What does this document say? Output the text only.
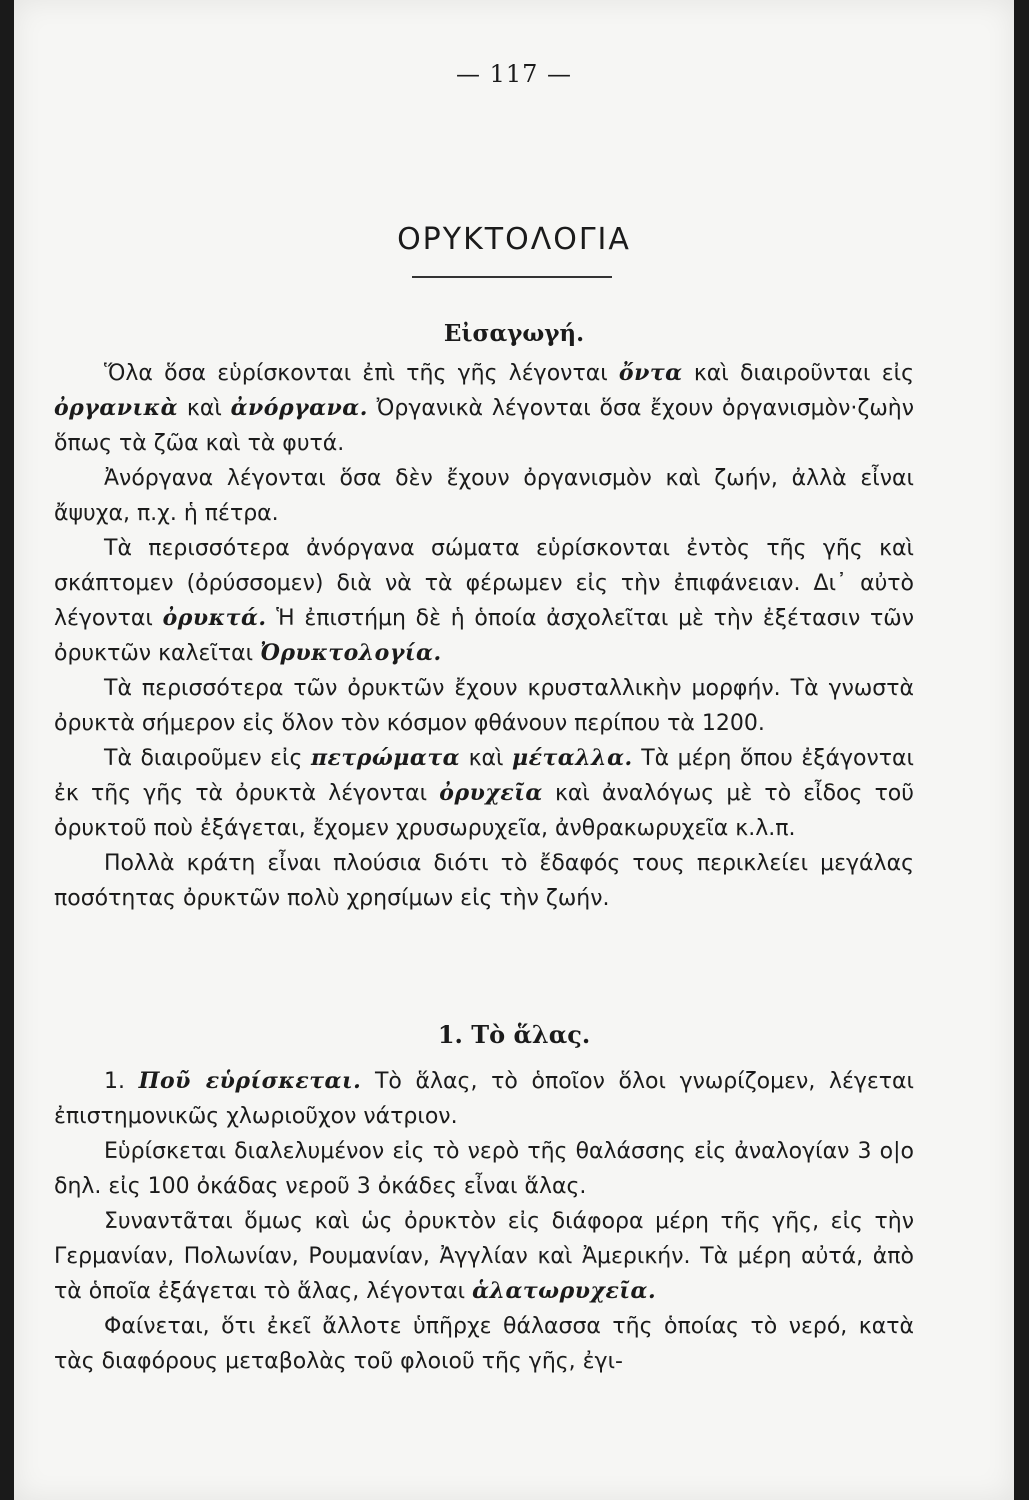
— 117 —
ΟΡΥΚΤΟΛΟΓΙΑ
Εἰσαγωγή.

Ὅλα ὅσα εὑρίσκονται ἐπὶ τῆς γῆς λέγονται ὄντα καὶ διαιροῦνται εἰς ὀργανικὰ καὶ ἀνόργανα. Ὀργανικὰ λέγονται ὅσα ἔχουν ὀργανισμὸν·ζωὴν ὅπως τὰ ζῶα καὶ τὰ φυτά.

Ἀνόργανα λέγονται ὅσα δὲν ἔχουν ὀργανισμὸν καὶ ζωήν, ἀλλὰ εἶναι ἄψυχα, π.χ. ἡ πέτρα.

Τὰ περισσότερα ἀνόργανα σώματα εὑρίσκονται ἐντὸς τῆς γῆς καὶ σκάπτομεν (ὀρύσσομεν) διὰ νὰ τὰ φέρωμεν εἰς τὴν ἐπιφάνειαν. Δι᾽ αὐτὸ λέγονται ὀρυκτά. Ἡ ἐπιστήμη δὲ ἡ ὁποία ἀσχολεῖται μὲ τὴν ἐξέτασιν τῶν ὀρυκτῶν καλεῖται Ὀρυκτολογία.

Τὰ περισσότερα τῶν ὀρυκτῶν ἔχουν κρυσταλλικὴν μορφήν. Τὰ γνωστὰ ὀρυκτὰ σήμερον εἰς ὅλον τὸν κόσμον φθάνουν περίπου τὰ 1200.

Τὰ διαιροῦμεν εἰς πετρώματα καὶ μέταλλα. Τὰ μέρη ὅπου ἐξάγονται ἐκ τῆς γῆς τὰ ὀρυκτὰ λέγονται ὀρυχεῖα καὶ ἀναλόγως μὲ τὸ εἶδος τοῦ ὀρυκτοῦ ποὺ ἐξάγεται, ἔχομεν χρυσωρυχεῖα, ἀνθρακωρυχεῖα κ.λ.π.

Πολλὰ κράτη εἶναι πλούσια διότι τὸ ἔδαφός τους περικλείει μεγάλας ποσότητας ὀρυκτῶν πολὺ χρησίμων εἰς τὴν ζωήν.

1. Τὸ ἅλας.

1. Ποῦ εὑρίσκεται. Τὸ ἅλας, τὸ ὁποῖον ὅλοι γνωρίζομεν, λέγεται ἐπιστημονικῶς χλωριοῦχον νάτριον.

Εὑρίσκεται διαλελυμένον εἰς τὸ νερὸ τῆς θαλάσσης εἰς ἀναλογίαν 3 ο|ο δηλ. εἰς 100 ὀκάδας νεροῦ 3 ὀκάδες εἶναι ἅλας.

Συναντᾶται ὅμως καὶ ὡς ὀρυκτὸν εἰς διάφορα μέρη τῆς γῆς, εἰς τὴν Γερμανίαν, Πολωνίαν, Ρουμανίαν, Ἀγγλίαν καὶ Ἀμερικήν. Τὰ μέρη αὐτά, ἀπὸ τὰ ὁποῖα ἐξάγεται τὸ ἅλας, λέγονται ἁλατωρυχεῖα.

Φαίνεται, ὅτι ἐκεῖ ἄλλοτε ὑπῆρχε θάλασσα τῆς ὁποίας τὸ νερό, κατὰ τὰς διαφόρους μεταβολὰς τοῦ φλοιοῦ τῆς γῆς, ἐγι-
